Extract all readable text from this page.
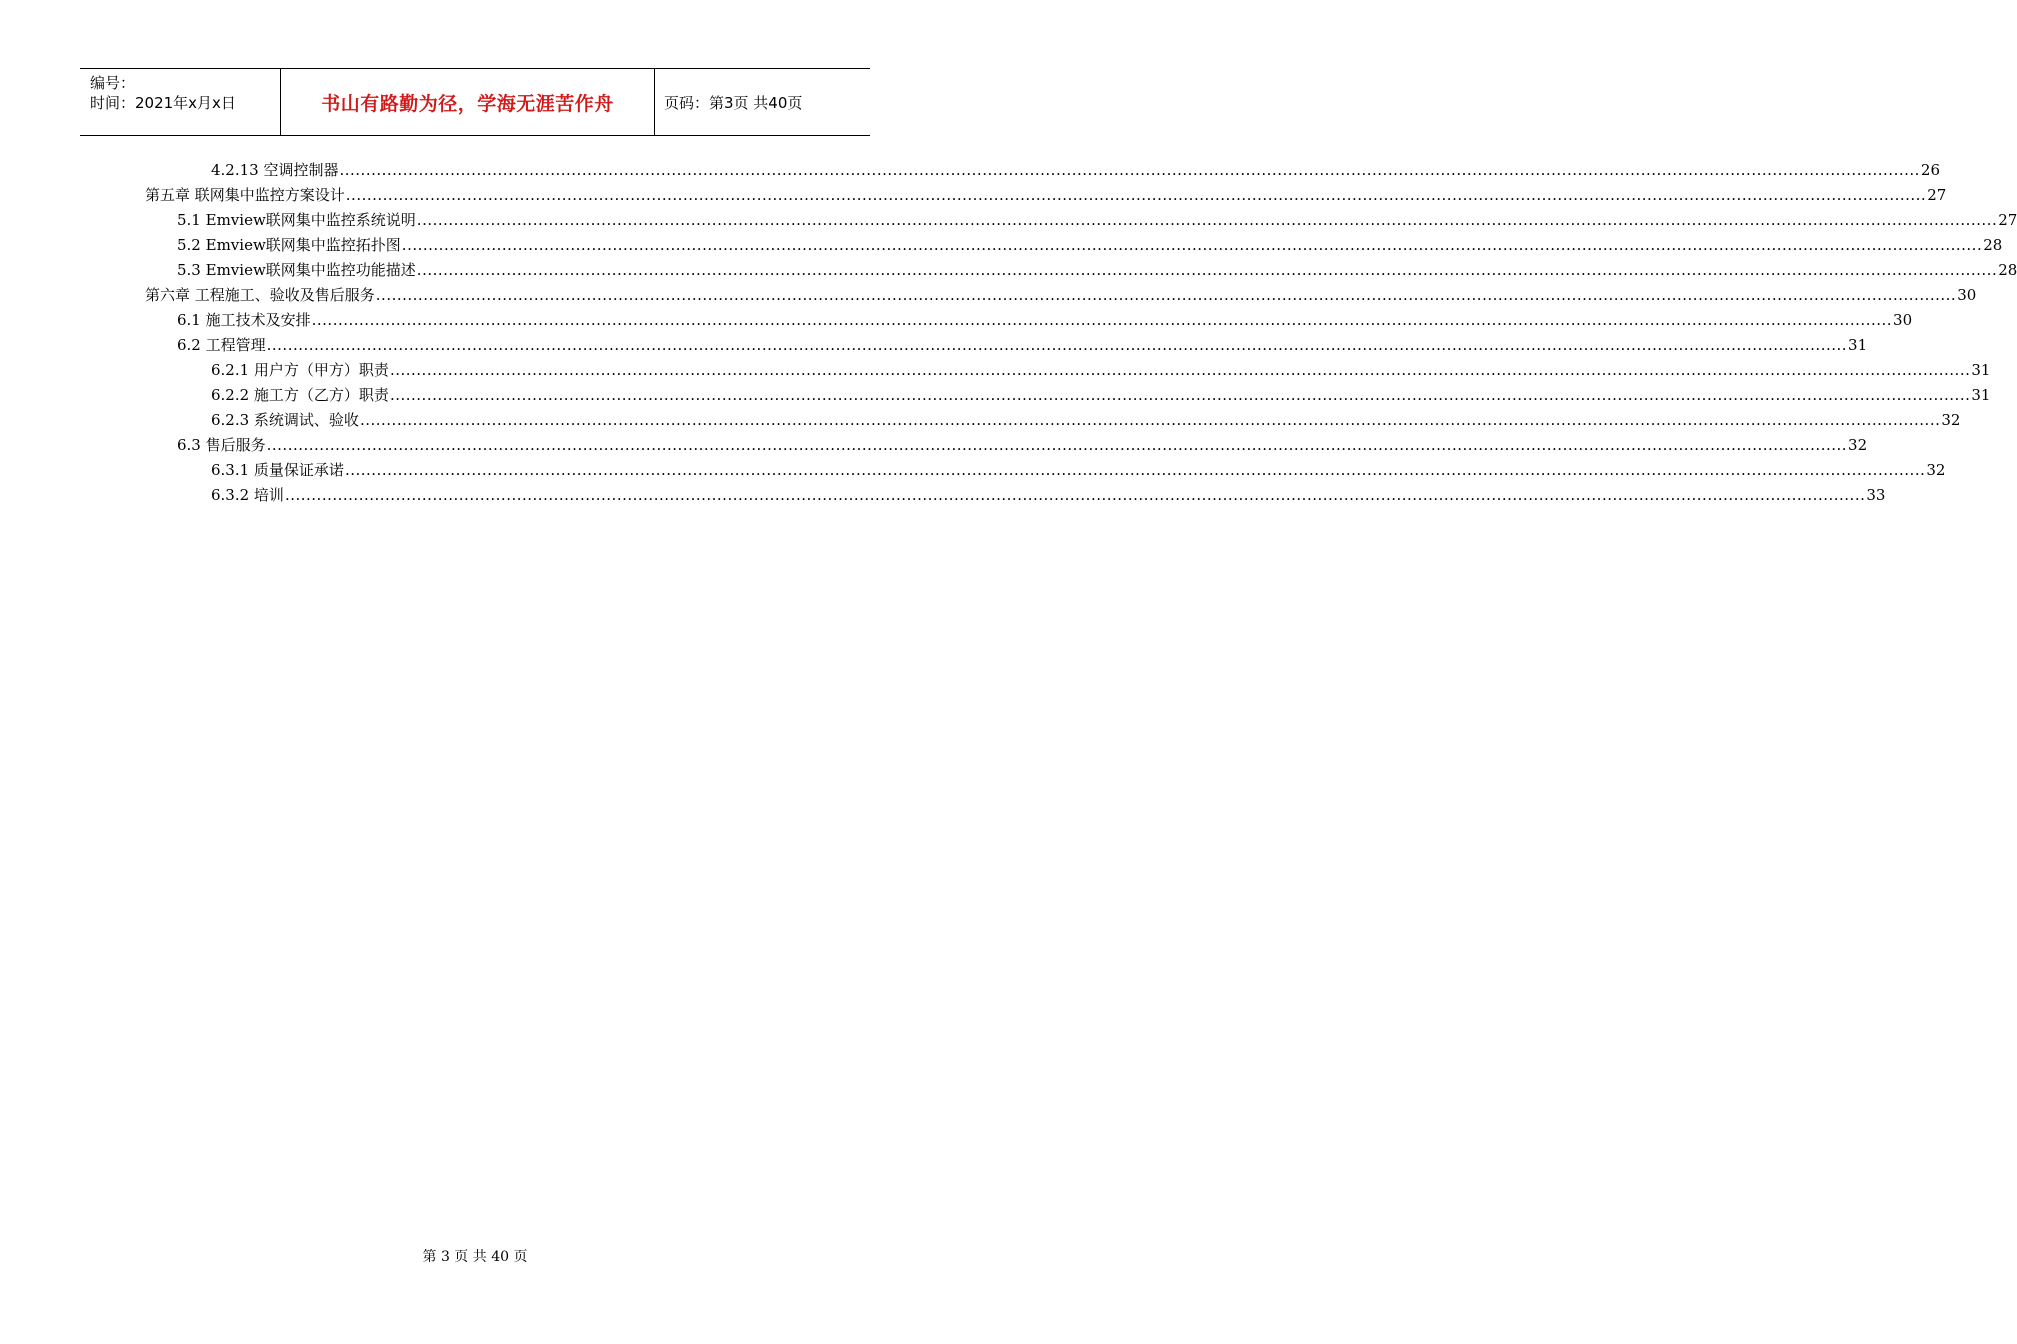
编号：
时间：2021年x月x日	书山有路勤为径，学海无涯苦作舟	页码：第3页 共40页
4.2.13 空调控制器 ............................................................................................................................................................................................................................................................................................................ 26
第五章 联网集中监控方案设计 ............................................................................................................................................................................................................................................................................................................ 27
5.1 Emview联网集中监控系统说明 ............................................................................................................................................................................................................................................................................................................ 27
5.2 Emview联网集中监控拓扑图 ............................................................................................................................................................................................................................................................................................................ 28
5.3 Emview联网集中监控功能描述 ............................................................................................................................................................................................................................................................................................................ 28
第六章 工程施工、验收及售后服务 ............................................................................................................................................................................................................................................................................................................ 30
6.1 施工技术及安排 ............................................................................................................................................................................................................................................................................................................ 30
6.2 工程管理 ............................................................................................................................................................................................................................................................................................................ 31
6.2.1 用户方（甲方）职责 ............................................................................................................................................................................................................................................................................................................ 31
6.2.2 施工方（乙方）职责 ............................................................................................................................................................................................................................................................................................................ 31
6.2.3 系统调试、验收 ............................................................................................................................................................................................................................................................................................................ 32
6.3 售后服务 ............................................................................................................................................................................................................................................................................................................ 32
6.3.1 质量保证承诺 ............................................................................................................................................................................................................................................................................................................ 32
6.3.2 培训 ............................................................................................................................................................................................................................................................................................................ 33
第 3 页 共 40 页
